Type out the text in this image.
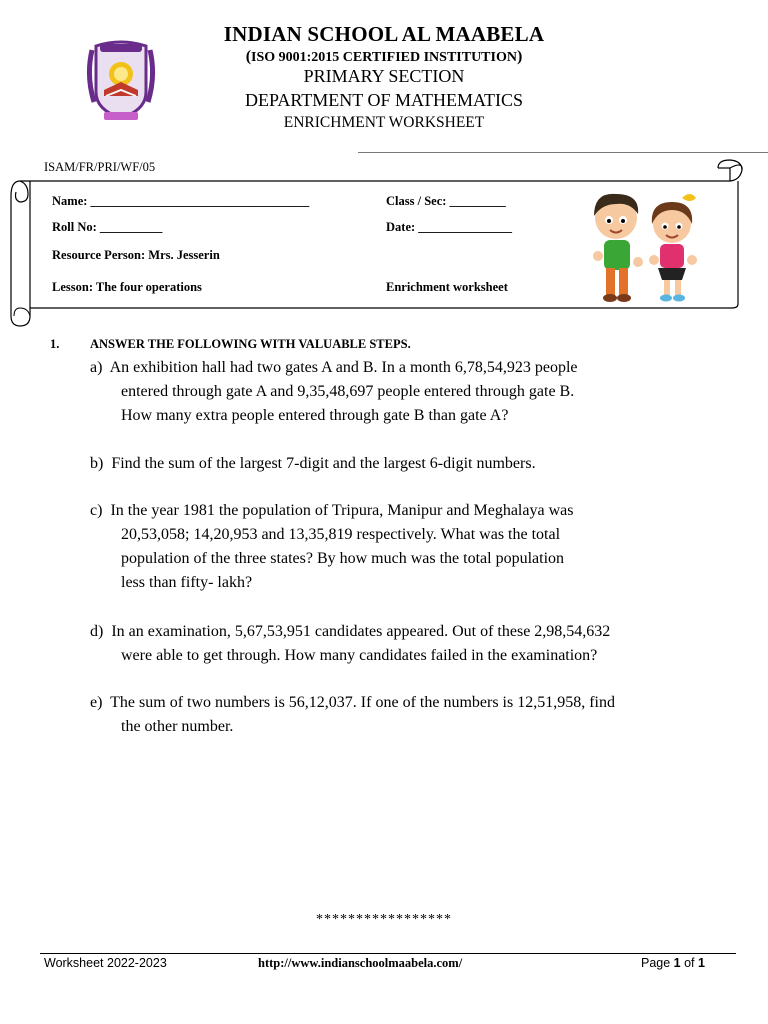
INDIAN SCHOOL AL MAABELA
(ISO 9001:2015 CERTIFIED INSTITUTION)
PRIMARY SECTION
DEPARTMENT OF MATHEMATICS
ENRICHMENT WORKSHEET
ISAM/FR/PRI/WF/05
Name: ___________________________________	Class / Sec: _________
Roll No: __________	Date: _______________
Resource Person: Mrs. Jesserin
Lesson: The four operations	Enrichment worksheet
1. ANSWER THE FOLLOWING WITH VALUABLE STEPS.
a) An exhibition hall had two gates A and B. In a month 6,78,54,923 people
entered through gate A and 9,35,48,697 people entered through gate B.
How many extra people entered through gate B than gate A?
b) Find the sum of the largest 7-digit and the largest 6-digit numbers.
c) In the year 1981 the population of Tripura, Manipur and Meghalaya was
20,53,058; 14,20,953 and 13,35,819 respectively. What was the total
population of the three states? By how much was the total population
less than fifty- lakh?
d) In an examination, 5,67,53,951 candidates appeared. Out of these 2,98,54,632
were able to get through. How many candidates failed in the examination?
e)  The sum of two numbers is 56,12,037. If one of the numbers is 12,51,958, find
the other number.
*****************
Worksheet 2022-2023	http://www.indianschoolmaabela.com/	Page 1 of 1
